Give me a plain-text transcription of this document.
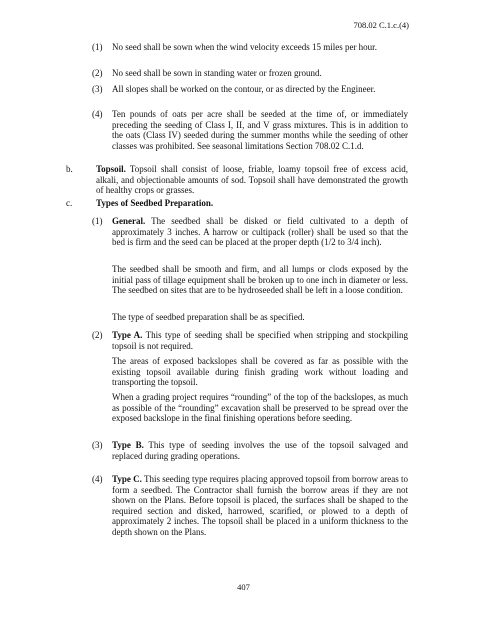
708.02 C.1.c.(4)
(1) No seed shall be sown when the wind velocity exceeds 15 miles per hour.
(2) No seed shall be sown in standing water or frozen ground.
(3) All slopes shall be worked on the contour, or as directed by the Engineer.
(4) Ten pounds of oats per acre shall be seeded at the time of, or immediately preceding the seeding of Class I, II, and V grass mixtures. This is in addition to the oats (Class IV) seeded during the summer months while the seeding of other classes was prohibited. See seasonal limitations Section 708.02 C.1.d.
b.	Topsoil. Topsoil shall consist of loose, friable, loamy topsoil free of excess acid, alkali, and objectionable amounts of sod. Topsoil shall have demonstrated the growth of healthy crops or grasses.
c.	Types of Seedbed Preparation.
(1) General. The seedbed shall be disked or field cultivated to a depth of approximately 3 inches. A harrow or cultipack (roller) shall be used so that the bed is firm and the seed can be placed at the proper depth (1/2 to 3/4 inch).
The seedbed shall be smooth and firm, and all lumps or clods exposed by the initial pass of tillage equipment shall be broken up to one inch in diameter or less. The seedbed on sites that are to be hydroseeded shall be left in a loose condition.
The type of seedbed preparation shall be as specified.
(2) Type A. This type of seeding shall be specified when stripping and stockpiling topsoil is not required.
The areas of exposed backslopes shall be covered as far as possible with the existing topsoil available during finish grading work without loading and transporting the topsoil.
When a grading project requires “rounding” of the top of the backslopes, as much as possible of the “rounding” excavation shall be preserved to be spread over the exposed backslope in the final finishing operations before seeding.
(3) Type B. This type of seeding involves the use of the topsoil salvaged and replaced during grading operations.
(4) Type C. This seeding type requires placing approved topsoil from borrow areas to form a seedbed. The Contractor shall furnish the borrow areas if they are not shown on the Plans. Before topsoil is placed, the surfaces shall be shaped to the required section and disked, harrowed, scarified, or plowed to a depth of approximately 2 inches. The topsoil shall be placed in a uniform thickness to the depth shown on the Plans.
407
